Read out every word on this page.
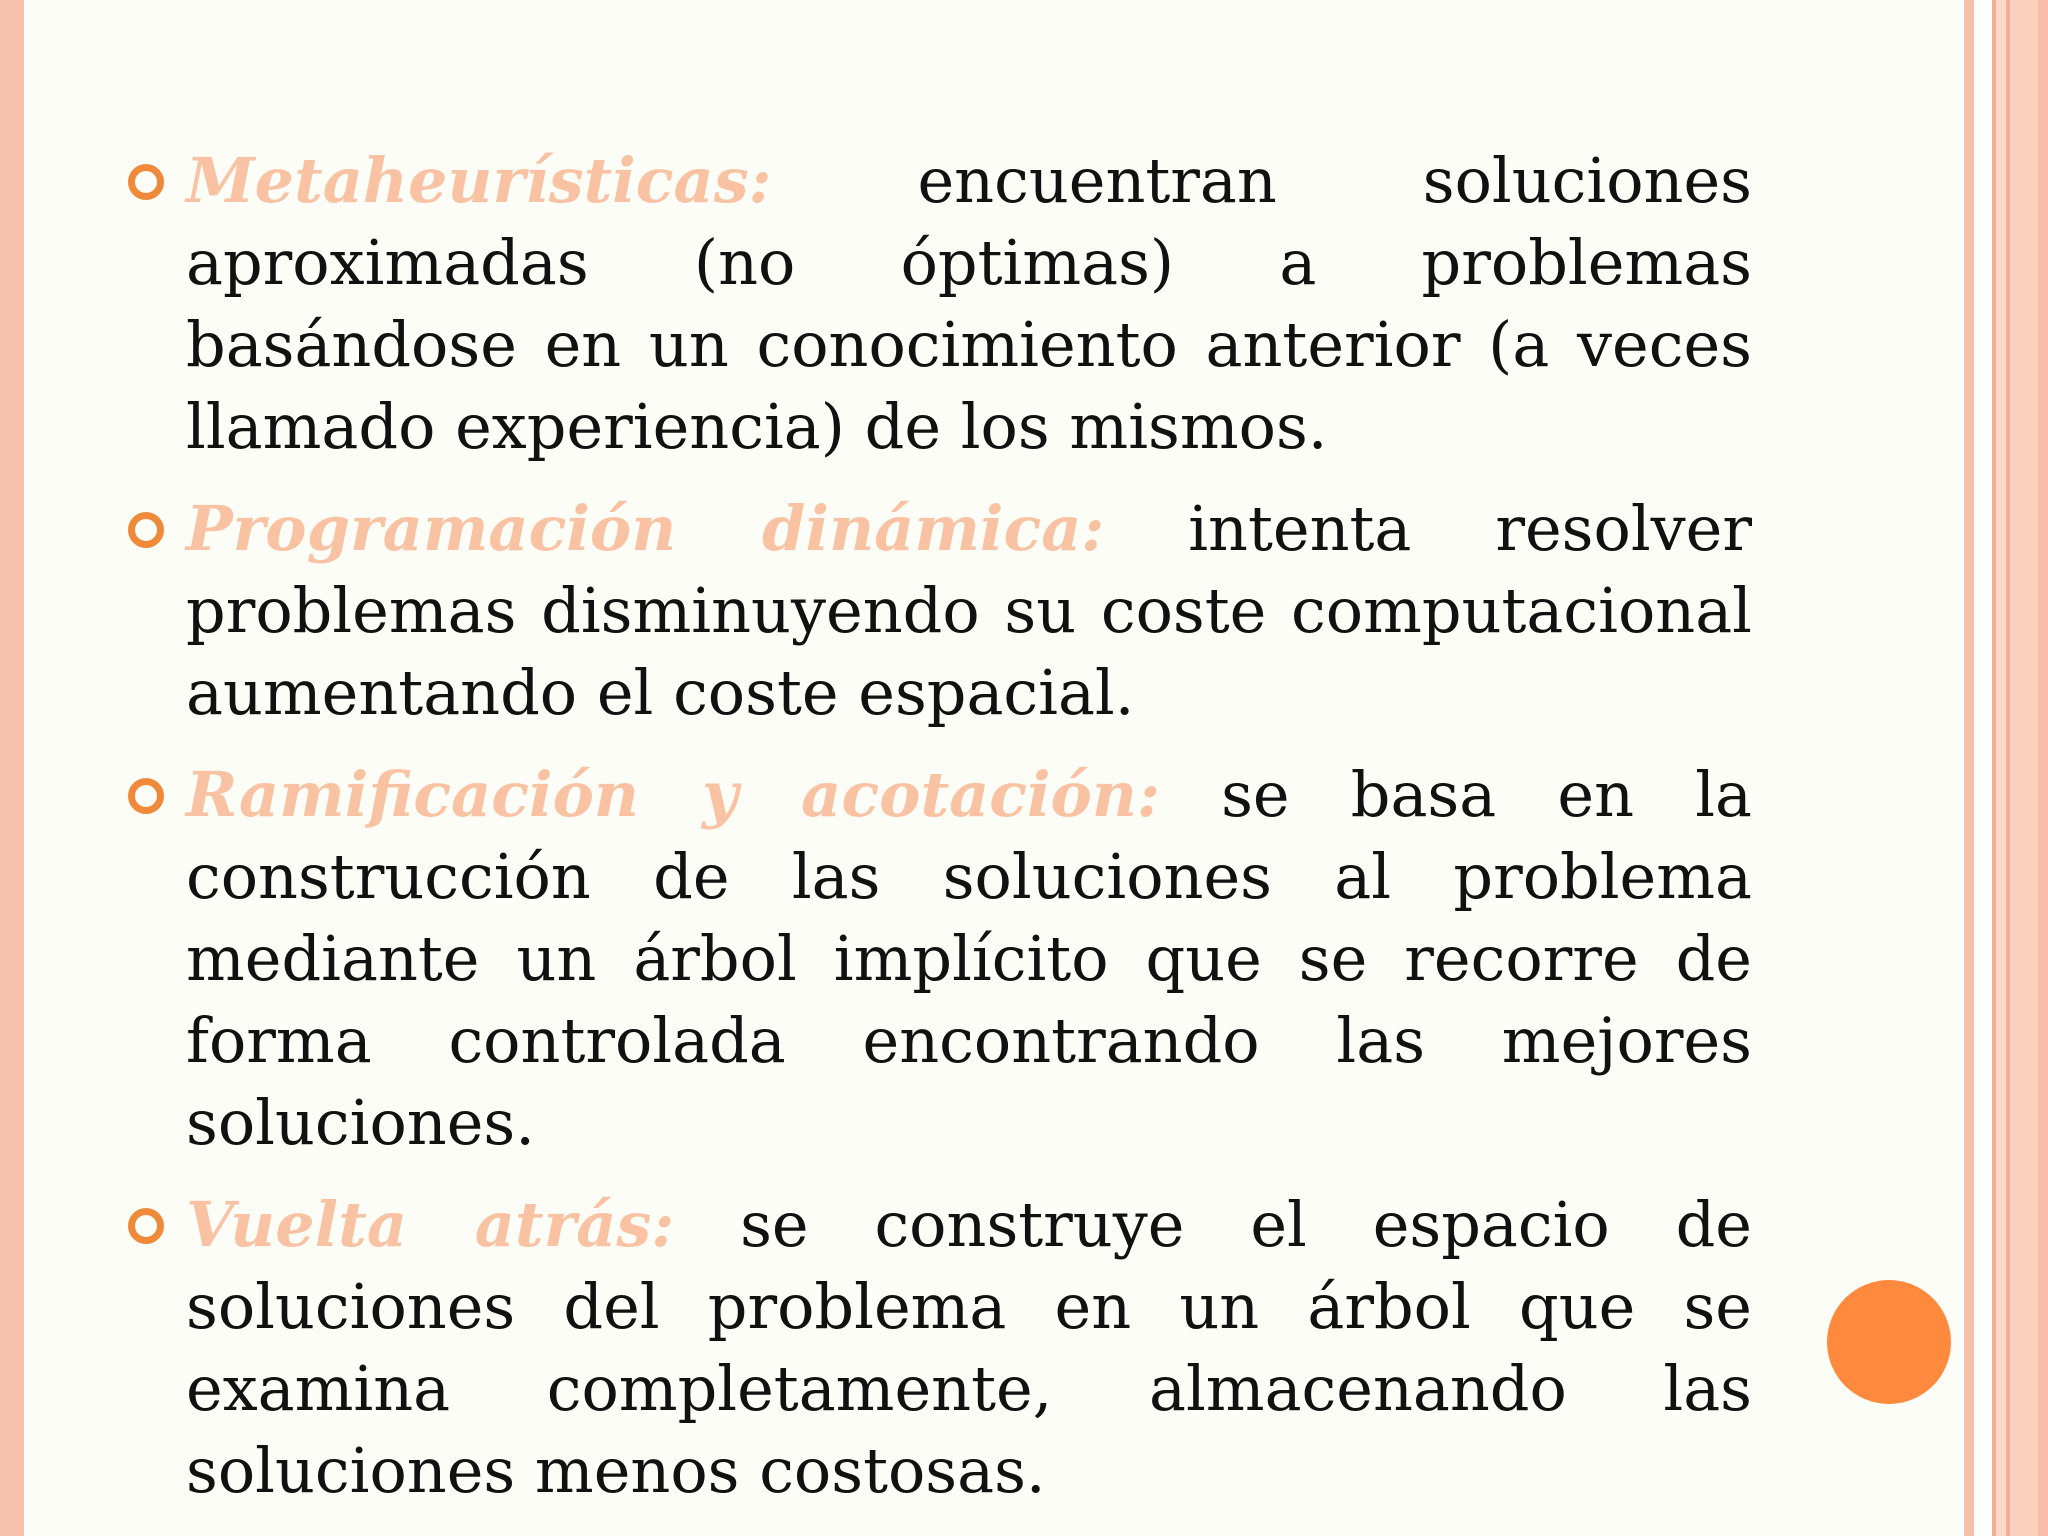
Metaheurísticas: encuentran soluciones aproximadas (no óptimas) a problemas basándose en un conocimiento anterior (a veces llamado experiencia) de los mismos.

Programación dinámica: intenta resolver problemas disminuyendo su coste computacional aumentando el coste espacial.

Ramificación y acotación: se basa en la construcción de las soluciones al problema mediante un árbol implícito que se recorre de forma controlada encontrando las mejores soluciones.

Vuelta atrás: se construye el espacio de soluciones del problema en un árbol que se examina completamente, almacenando las soluciones menos costosas.
